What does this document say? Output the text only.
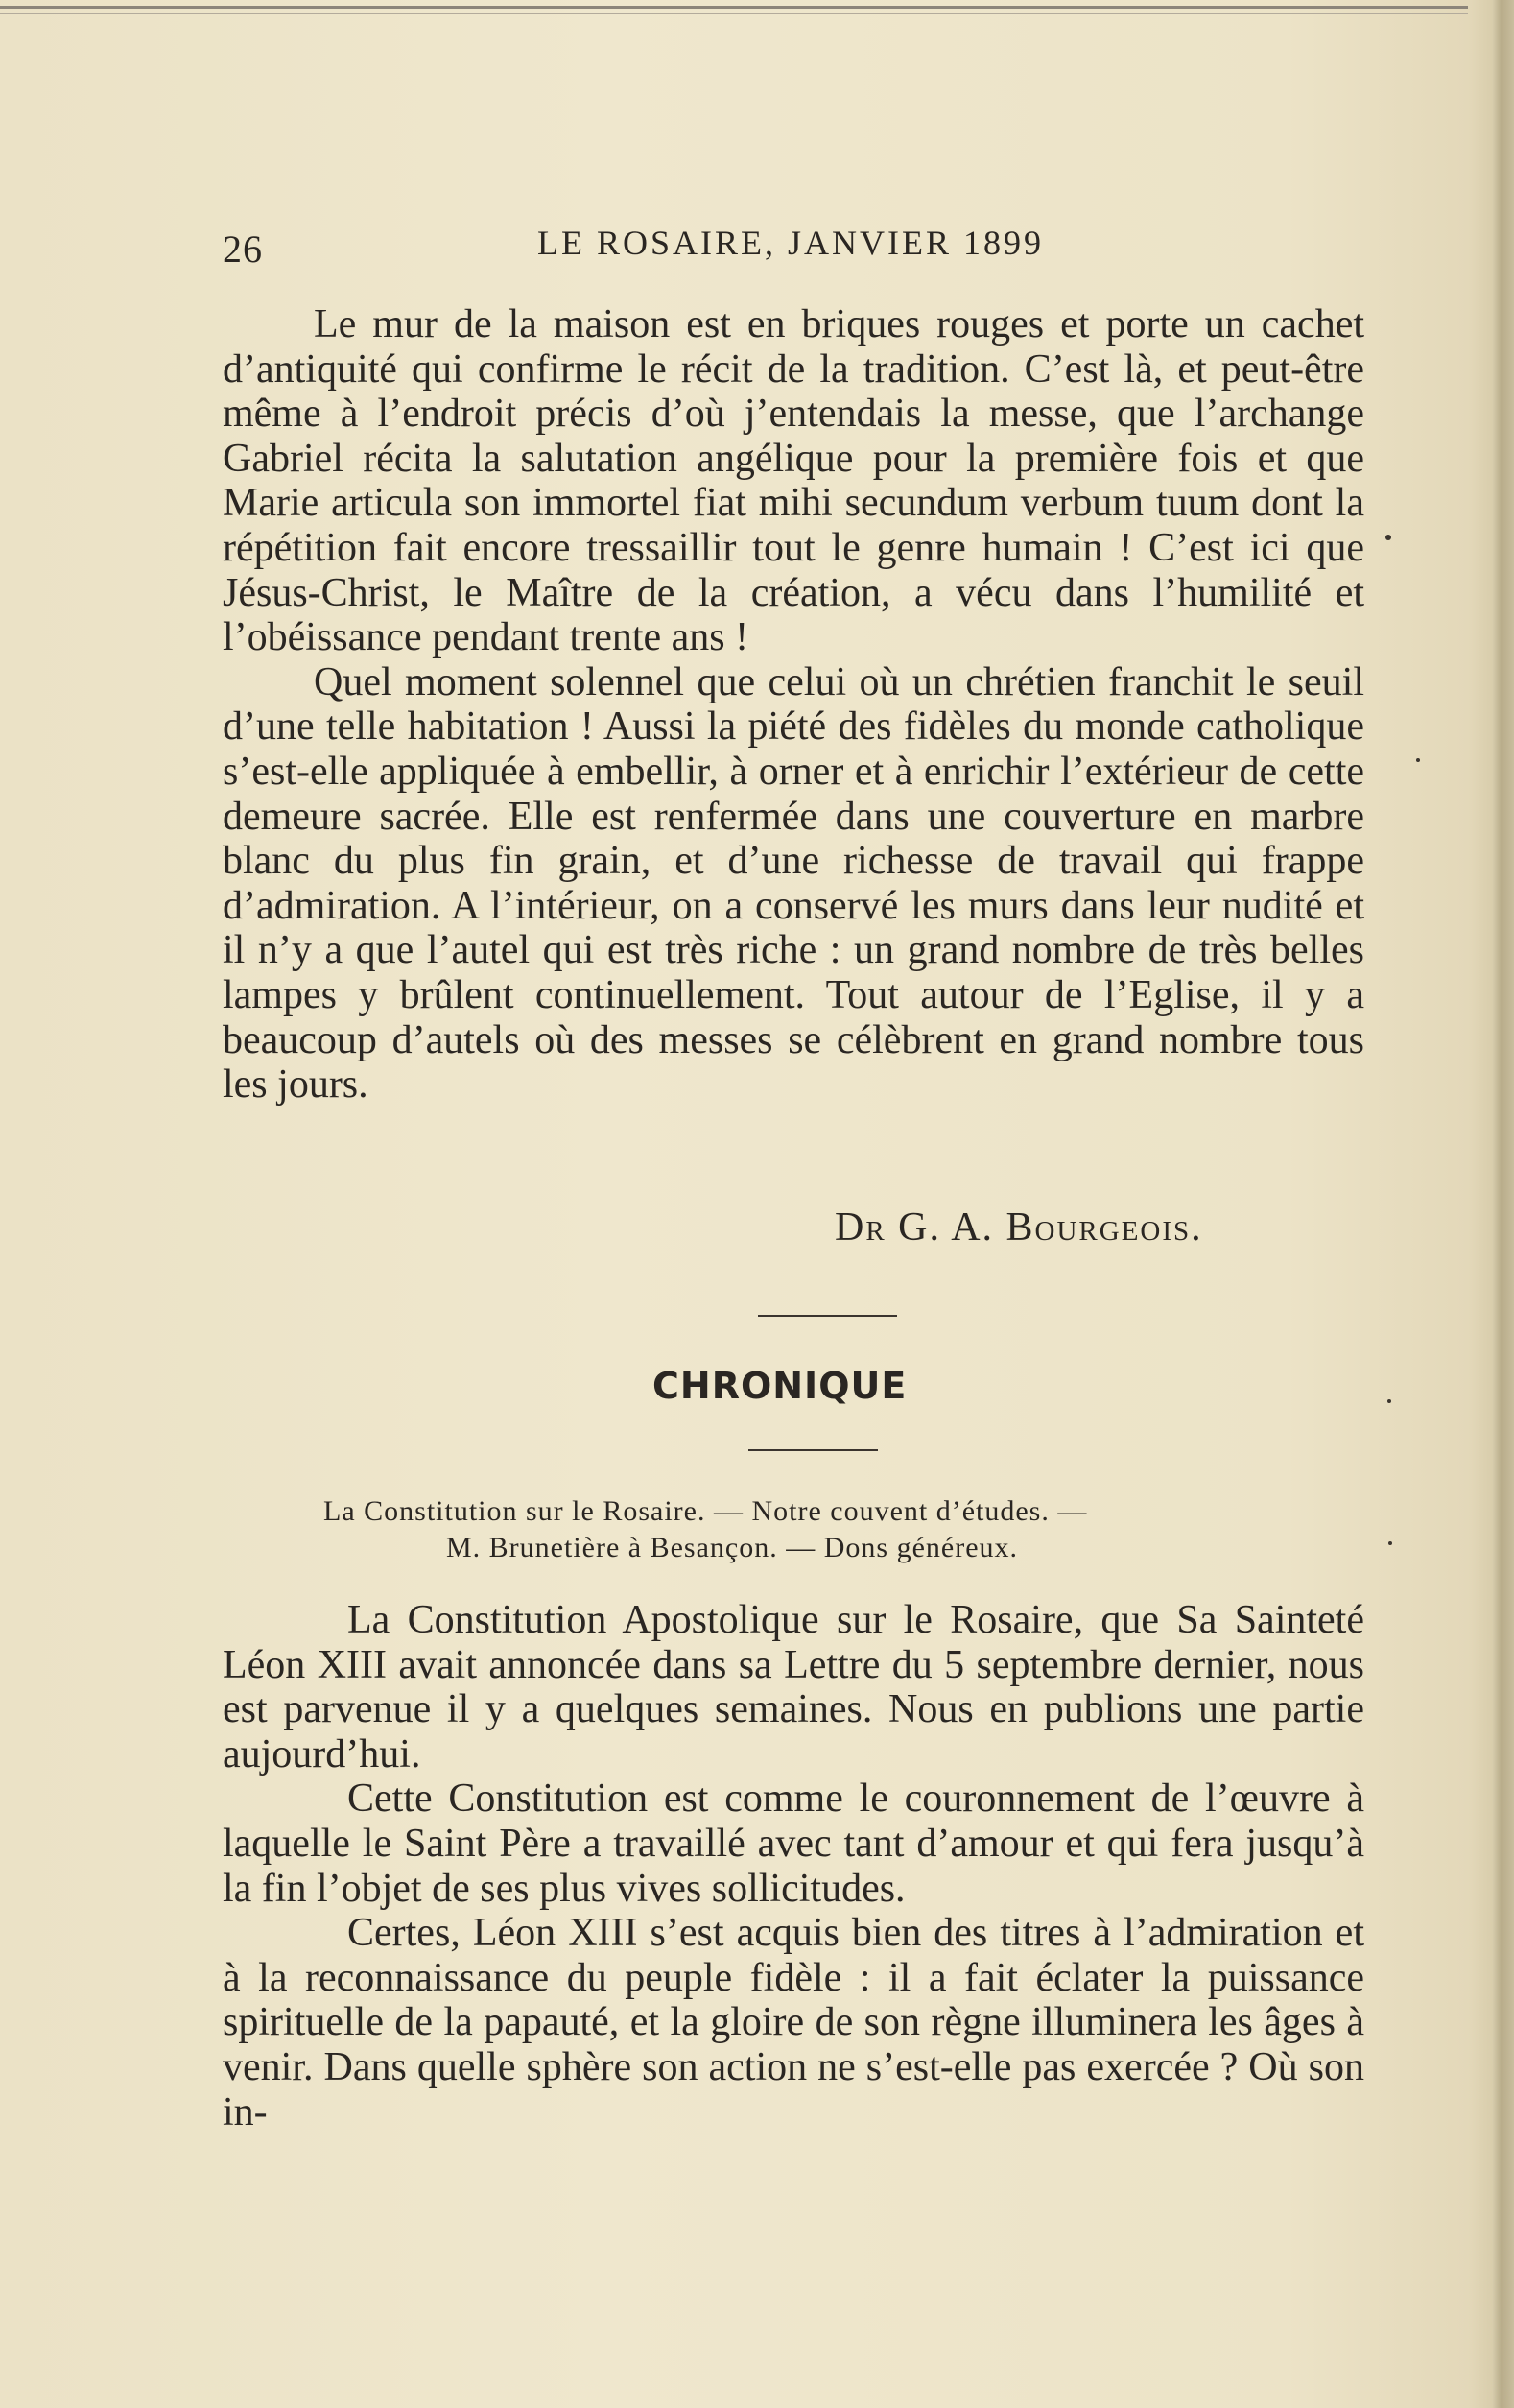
26	LE ROSAIRE, JANVIER 1899

Le mur de la maison est en briques rouges et porte un cachet d’antiquité qui confirme le récit de la tradition. C’est là, et peut-être même à l’endroit précis d’où j’entendais la messe, que l’archange Gabriel récita la salutation angélique pour la première fois et que Marie articula son immortel fiat mihi secundum verbum tuum dont la répétition fait encore tressaillir tout le genre humain ! C’est ici que Jésus-Christ, le Maître de la création, a vécu dans l’humilité et l’obéissance pendant trente ans !

Quel moment solennel que celui où un chrétien franchit le seuil d’une telle habitation ! Aussi la piété des fidèles du monde catholique s’est-elle appliquée à embellir, à orner et à enrichir l’extérieur de cette demeure sacrée. Elle est renfermée dans une couverture en marbre blanc du plus fin grain, et d’une richesse de travail qui frappe d’admiration. A l’intérieur, on a conservé les murs dans leur nudité et il n’y a que l’autel qui est très riche : un grand nombre de très belles lampes y brûlent continuellement. Tout autour de l’Eglise, il y a beaucoup d’autels où des messes se célèbrent en grand nombre tous les jours.

Dr G. A. Bourgeois.
CHRONIQUE
La Constitution sur le Rosaire. — Notre couvent d’études. —
M. Brunetière à Besançon. — Dons généreux.

La Constitution Apostolique sur le Rosaire, que Sa Sainteté Léon XIII avait annoncée dans sa Lettre du 5 septembre dernier, nous est parvenue il y a quelques semaines. Nous en publions une partie aujourd’hui.

Cette Constitution est comme le couronnement de l’œuvre à laquelle le Saint Père a travaillé avec tant d’amour et qui fera jusqu’à la fin l’objet de ses plus vives sollicitudes.

Certes, Léon XIII s’est acquis bien des titres à l’admiration et à la reconnaissance du peuple fidèle : il a fait éclater la puissance spirituelle de la papauté, et la gloire de son règne illuminera les âges à venir. Dans quelle sphère son action ne s’est-elle pas exercée ? Où son in-
